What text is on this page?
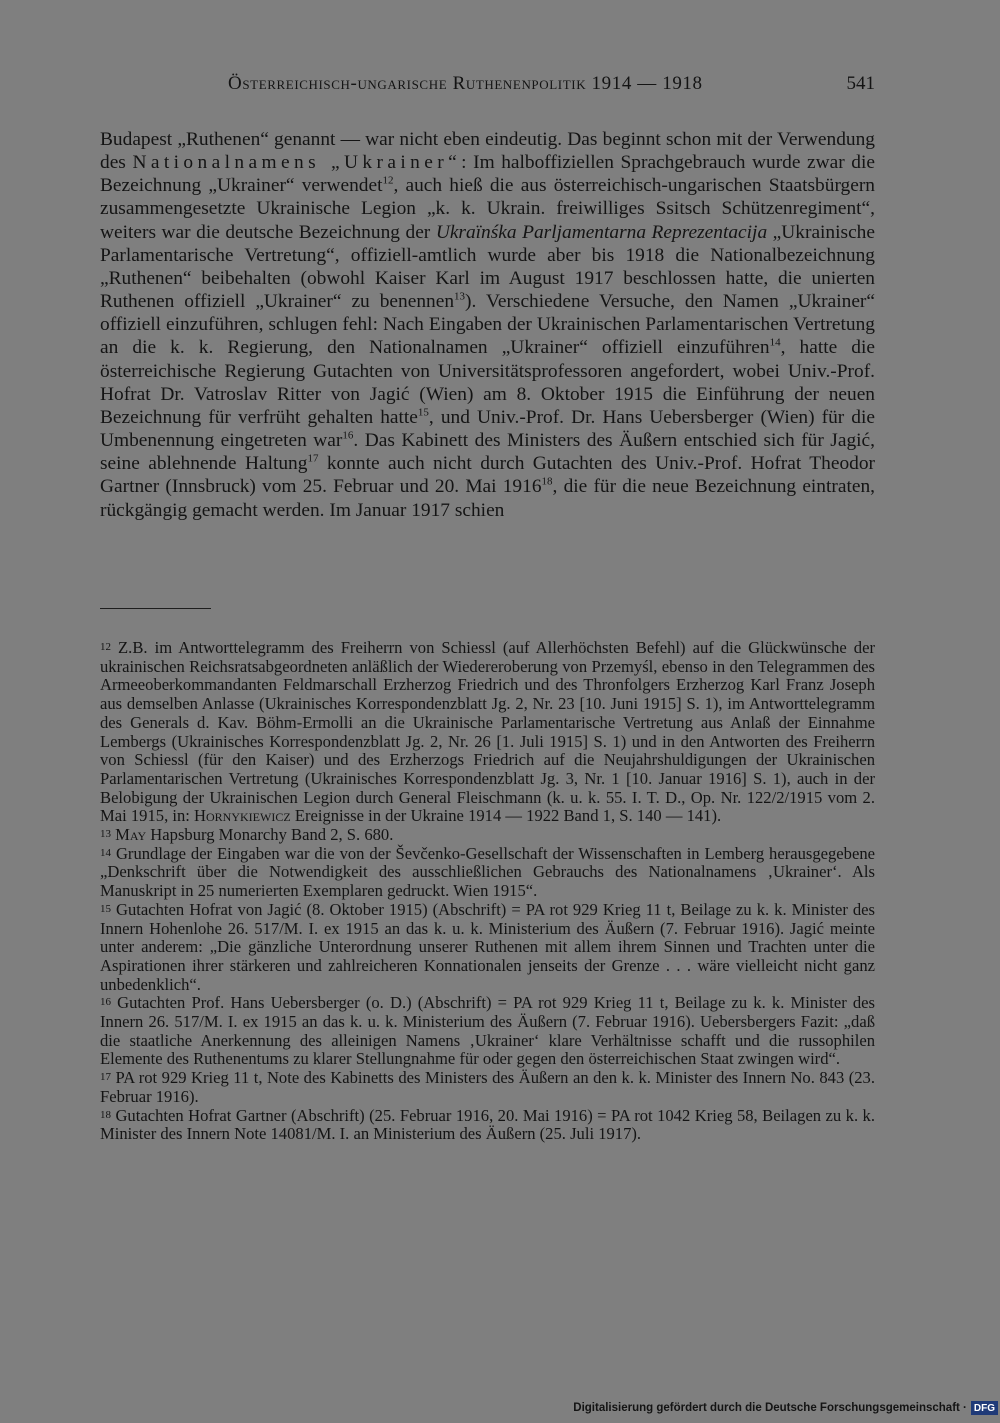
Österreichisch-ungarische Ruthenenpolitik 1914 — 1918	541

Budapest „Ruthenen“ genannt — war nicht eben eindeutig. Das beginnt schon mit der Verwendung des Nationalnamens „Ukrainer“: Im halboffiziellen Sprachgebrauch wurde zwar die Bezeichnung „Ukrainer“ verwendet$^{12}$, auch hieß die aus österreichisch-ungarischen Staatsbürgern zusammengesetzte Ukrainische Legion „k. k. Ukrain. freiwilliges Ssitsch Schützenregiment“, weiters war die deutsche Bezeichnung der Ukraïnśka Parljamentarna Reprezentacija „Ukrainische Parlamentarische Vertretung“, offiziell-amtlich wurde aber bis 1918 die Nationalbezeichnung „Ruthenen“ beibehalten (obwohl Kaiser Karl im August 1917 beschlossen hatte, die unierten Ruthenen offiziell „Ukrainer“ zu benennen$^{13}$). Verschiedene Versuche, den Namen „Ukrainer“ offiziell einzuführen, schlugen fehl: Nach Eingaben der Ukrainischen Parlamentarischen Vertretung an die k. k. Regierung, den Nationalnamen „Ukrainer“ offiziell einzuführen$^{14}$, hatte die österreichische Regierung Gutachten von Universitätsprofessoren angefordert, wobei Univ.-Prof. Hofrat Dr. Vatroslav Ritter von Jagić (Wien) am 8. Oktober 1915 die Einführung der neuen Bezeichnung für verfrüht gehalten hatte$^{15}$, und Univ.-Prof. Dr. Hans Uebersberger (Wien) für die Umbenennung eingetreten war$^{16}$. Das Kabinett des Ministers des Äußern entschied sich für Jagić, seine ablehnende Haltung$^{17}$ konnte auch nicht durch Gutachten des Univ.-Prof. Hofrat Theodor Gartner (Innsbruck) vom 25. Februar und 20. Mai 1916$^{18}$, die für die neue Bezeichnung eintraten, rückgängig gemacht werden. Im Januar 1917 schien

$^{12}$ Z.B. im Antworttelegramm des Freiherrn von Schiessl (auf Allerhöchsten Befehl) auf die Glückwünsche der ukrainischen Reichsratsabgeordneten anläßlich der Wiedereroberung von Przemyśl, ebenso in den Telegrammen des Armeeoberkommandanten Feldmarschall Erzherzog Friedrich und des Thronfolgers Erzherzog Karl Franz Joseph aus demselben Anlasse (Ukrainisches Korrespondenzblatt Jg. 2, Nr. 23 [10. Juni 1915] S. 1), im Antworttelegramm des Generals d. Kav. Böhm-Ermolli an die Ukrainische Parlamentarische Vertretung aus Anlaß der Einnahme Lembergs (Ukrainisches Korrespondenzblatt Jg. 2, Nr. 26 [1. Juli 1915] S. 1) und in den Antworten des Freiherrn von Schiessl (für den Kaiser) und des Erzherzogs Friedrich auf die Neujahrshuldigungen der Ukrainischen Parlamentarischen Vertretung (Ukrainisches Korrespondenzblatt Jg. 3, Nr. 1 [10. Januar 1916] S. 1), auch in der Belobigung der Ukrainischen Legion durch General Fleischmann (k. u. k. 55. I. T. D., Op. Nr. 122/2/1915 vom 2. Mai 1915, in: Hornykiewicz Ereignisse in der Ukraine 1914 — 1922 Band 1, S. 140 — 141).

$^{13}$ May Hapsburg Monarchy Band 2, S. 680.

$^{14}$ Grundlage der Eingaben war die von der Ševčenko-Gesellschaft der Wissenschaften in Lemberg herausgegebene „Denkschrift über die Notwendigkeit des ausschließlichen Gebrauchs des Nationalnamens ‚Ukrainer‘. Als Manuskript in 25 numerierten Exemplaren gedruckt. Wien 1915“.

$^{15}$ Gutachten Hofrat von Jagić (8. Oktober 1915) (Abschrift) = PA rot 929 Krieg 11 t, Beilage zu k. k. Minister des Innern Hohenlohe 26. 517/M. I. ex 1915 an das k. u. k. Ministerium des Äußern (7. Februar 1916). Jagić meinte unter anderem: „Die gänzliche Unterordnung unserer Ruthenen mit allem ihrem Sinnen und Trachten unter die Aspirationen ihrer stärkeren und zahlreicheren Konnationalen jenseits der Grenze . . . wäre vielleicht nicht ganz unbedenklich“.

$^{16}$ Gutachten Prof. Hans Uebersberger (o. D.) (Abschrift) = PA rot 929 Krieg 11 t, Beilage zu k. k. Minister des Innern 26. 517/M. I. ex 1915 an das k. u. k. Ministerium des Äußern (7. Februar 1916). Uebersbergers Fazit: „daß die staatliche Anerkennung des alleinigen Namens ‚Ukrainer‘ klare Verhältnisse schafft und die russophilen Elemente des Ruthenentums zu klarer Stellungnahme für oder gegen den österreichischen Staat zwingen wird“.

$^{17}$ PA rot 929 Krieg 11 t, Note des Kabinetts des Ministers des Äußern an den k. k. Minister des Innern No. 843 (23. Februar 1916).

$^{18}$ Gutachten Hofrat Gartner (Abschrift) (25. Februar 1916, 20. Mai 1916) = PA rot 1042 Krieg 58, Beilagen zu k. k. Minister des Innern Note 14081/M. I. an Ministerium des Äußern (25. Juli 1917).

Digitalisierung gefördert durch die Deutsche Forschungsgemeinschaft · DFG
